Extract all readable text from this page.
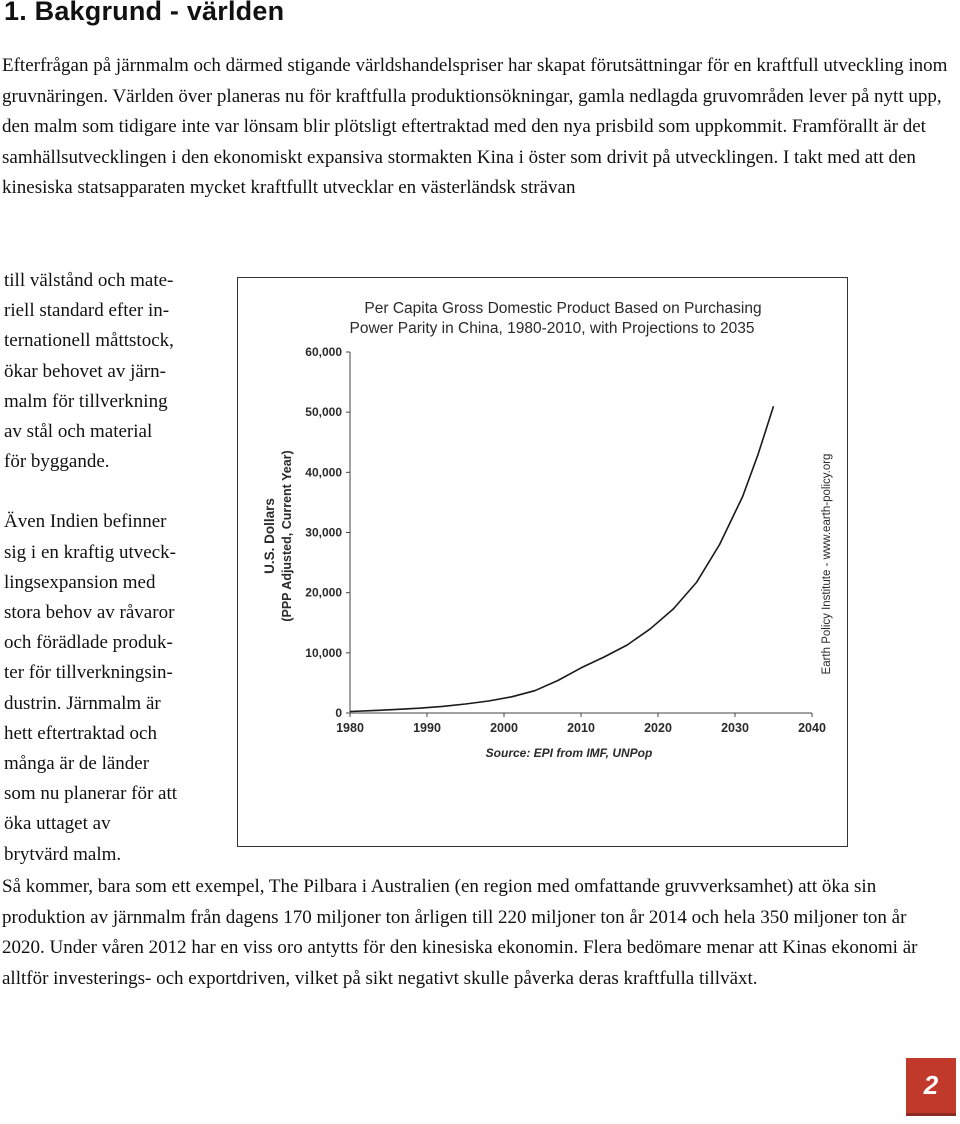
1. Bakgrund - världen

Efterfrågan på järnmalm och därmed stigande världshandelspriser har skapat förutsättningar för en kraftfull utveckling inom gruvnäringen. Världen över planeras nu för kraftfulla produktionsökningar, gamla nedlagda gruvområden lever på nytt upp, den malm som tidigare inte var lönsam blir plötsligt eftertraktad med den nya prisbild som uppkommit. Framförallt är det samhällsutvecklingen i den ekonomiskt expansiva stormakten Kina i öster som drivit på utvecklingen. I takt med att den kinesiska statsapparaten mycket kraftfullt utvecklar en västerländsk strävan

till välstånd och mate-
riell standard efter in-
ternationell måttstock,
ökar behovet av järn-
malm för tillverkning
av stål och material
för byggande.

Även Indien befinner
sig i en kraftig utveck-
lingsexpansion med
stora behov av råvaror
och förädlade produk-
ter för tillverkningsin-
dustrin. Järnmalm är
hett eftertraktad och
många är de länder
som nu planerar för att
öka uttaget av
brytvärd malm.

Per Capita Gross Domestic Product Based on Purchasing
Power Parity in China, 1980-2010, with Projections to 2035
U.S. Dollars (PPP Adjusted, Current Year)	Earth Policy Institute - www.earth-policy.org
Source: EPI from IMF, UNPop
1980	1990	2000	2010	2020	2030	2040
0
10,000
20,000
30,000
40,000
50,000
60,000

Så kommer, bara som ett exempel, The Pilbara i Australien (en region med omfattande gruvverksamhet) att öka sin produktion av järnmalm från dagens 170 miljoner ton årligen till 220 miljoner ton år 2014 och hela 350 miljoner ton år 2020. Under våren 2012 har en viss oro antytts för den kinesiska ekonomin. Flera bedömare menar att Kinas ekonomi är alltför investerings- och exportdriven, vilket på sikt negativt skulle påverka deras kraftfulla tillväxt.

2
